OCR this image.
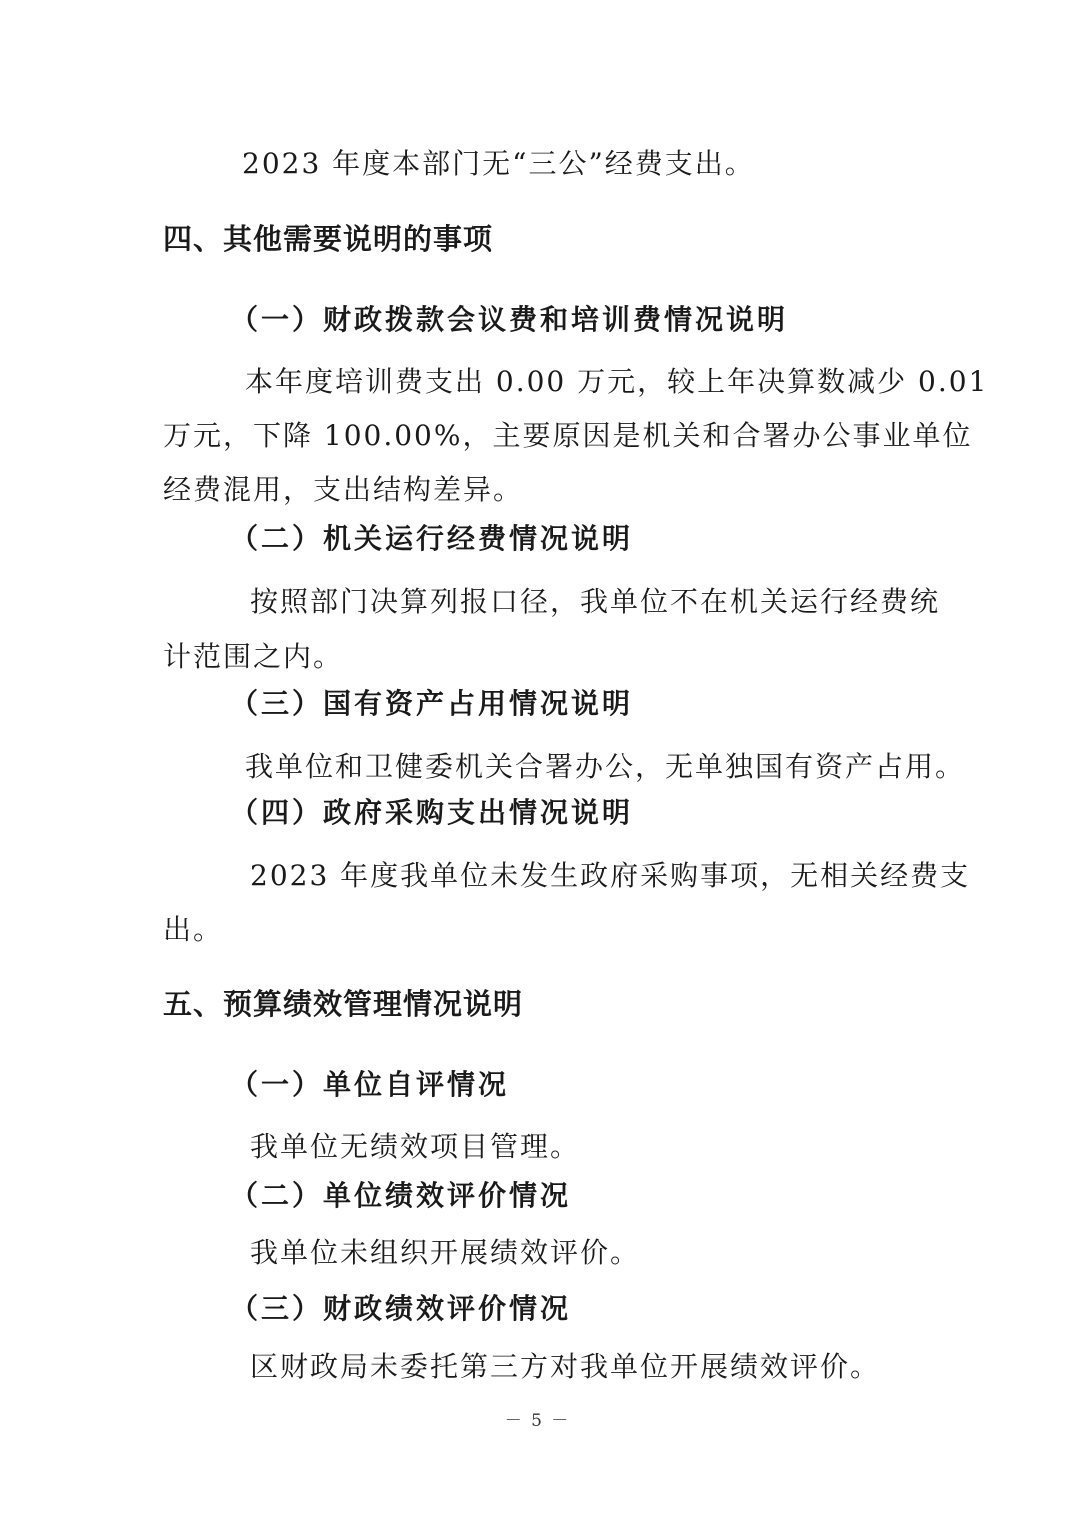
2023 年度本部门无“三公”经费支出。
四、其他需要说明的事项
（一）财政拨款会议费和培训费情况说明
本年度培训费支出 0.00 万元，较上年决算数减少 0.01
万元，下降 100.00%，主要原因是机关和合署办公事业单位
经费混用，支出结构差异。
（二）机关运行经费情况说明
按照部门决算列报口径，我单位不在机关运行经费统
计范围之内。
（三）国有资产占用情况说明
我单位和卫健委机关合署办公，无单独国有资产占用。
（四）政府采购支出情况说明
2023 年度我单位未发生政府采购事项，无相关经费支
出。
五、预算绩效管理情况说明
（一）单位自评情况
我单位无绩效项目管理。
（二）单位绩效评价情况
我单位未组织开展绩效评价。
（三）财政绩效评价情况
区财政局未委托第三方对我单位开展绩效评价。
－ 5 －
